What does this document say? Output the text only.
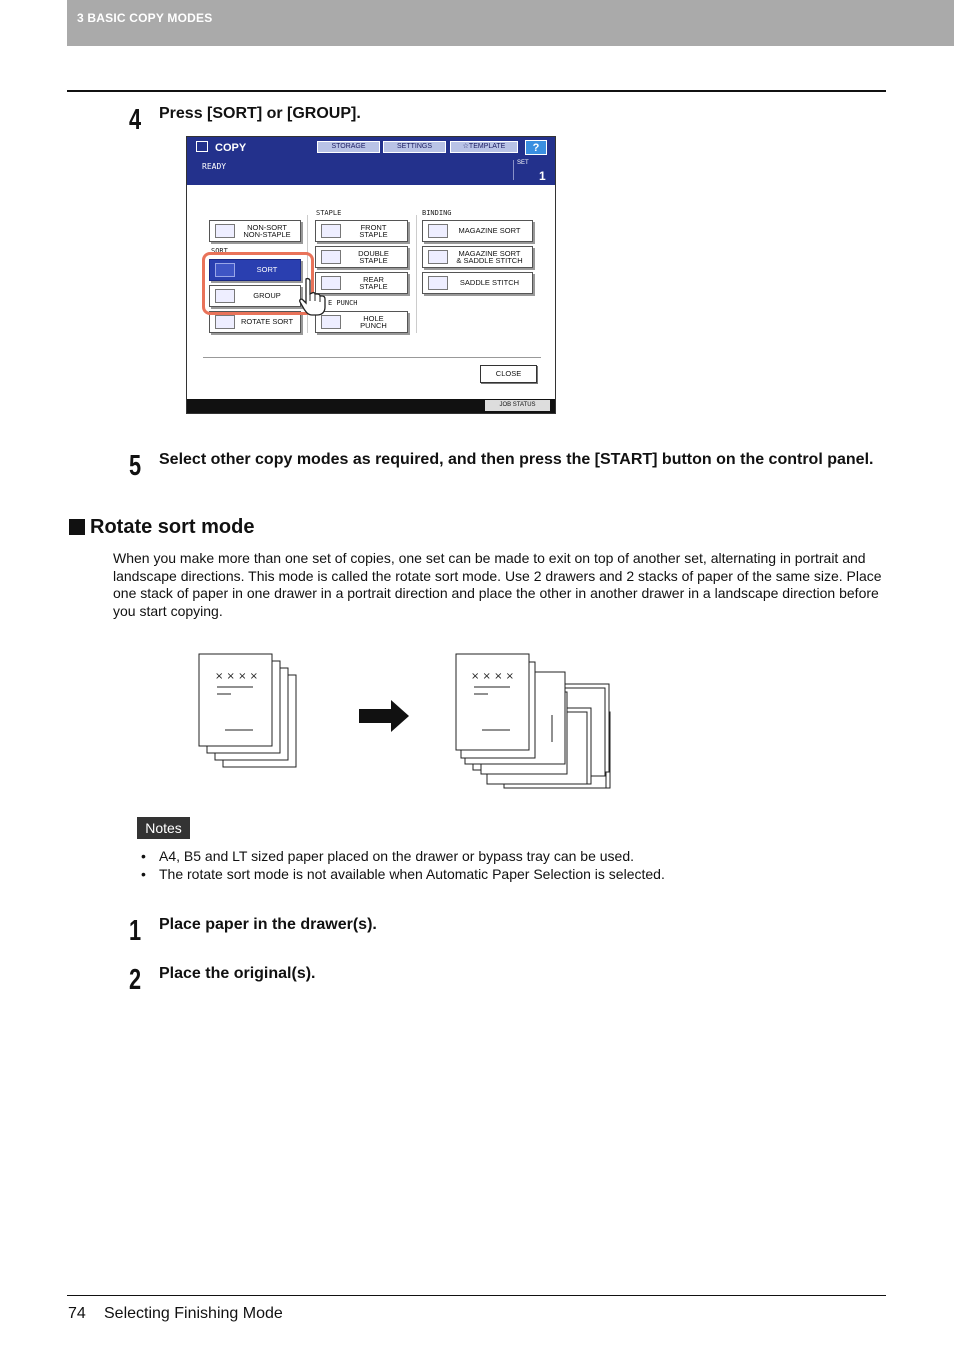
3 BASIC COPY MODES
4 Press [SORT] or [GROUP].
COPY	STORAGE	SETTINGS	☆TEMPLATE	?
READY	SET
1
SORT
STAPLE	BINDING
E PUNCH
NON-SORT
NON-STAPLE
SORT
GROUP
ROTATE SORT
FRONT
STAPLE
DOUBLE
STAPLE
REAR
STAPLE
HOLE
PUNCH
MAGAZINE SORT
MAGAZINE SORT
& SADDLE STITCH
SADDLE STITCH
CLOSE
JOB STATUS
5 Select other copy modes as required, and then press the [START] button on the control panel.
Rotate sort mode
When you make more than one set of copies, one set can be made to exit on top of another set, alternating in portrait and landscape directions. This mode is called the rotate sort mode. Use 2 drawers and 2 stacks of paper of the same size. Place one stack of paper in one drawer in a portrait direction and place the other in another drawer in a landscape direction before you start copying.
× × × ×	× × × ×
Notes
• A4, B5 and LT sized paper placed on the drawer or bypass tray can be used.
• The rotate sort mode is not available when Automatic Paper Selection is selected.
1 Place paper in the drawer(s).
2 Place the original(s).
74 Selecting Finishing Mode
